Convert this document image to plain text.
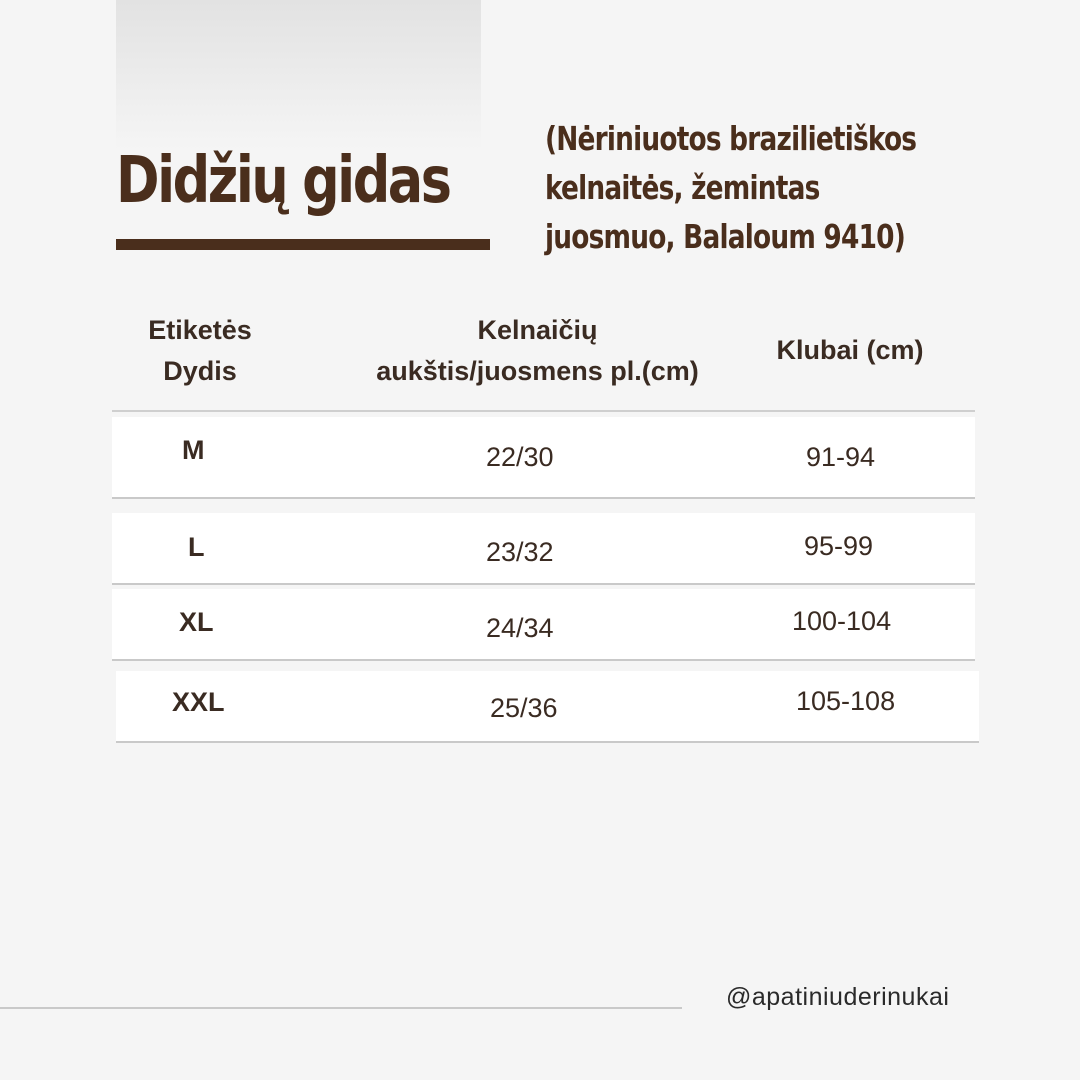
Didžių gidas

(Nėriniuotos brazilietiškos
kelnaitės, žemintas
juosmuo, Balaloum 9410)

Etiketės
Dydis

Kelnaičių
aukštis/juosmens pl.(cm)

Klubai (cm)

M	22/30	91-94
L	23/32	95-99
XL	24/34	100-104
XXL	25/36	105-108
@apatiniuderinukai
